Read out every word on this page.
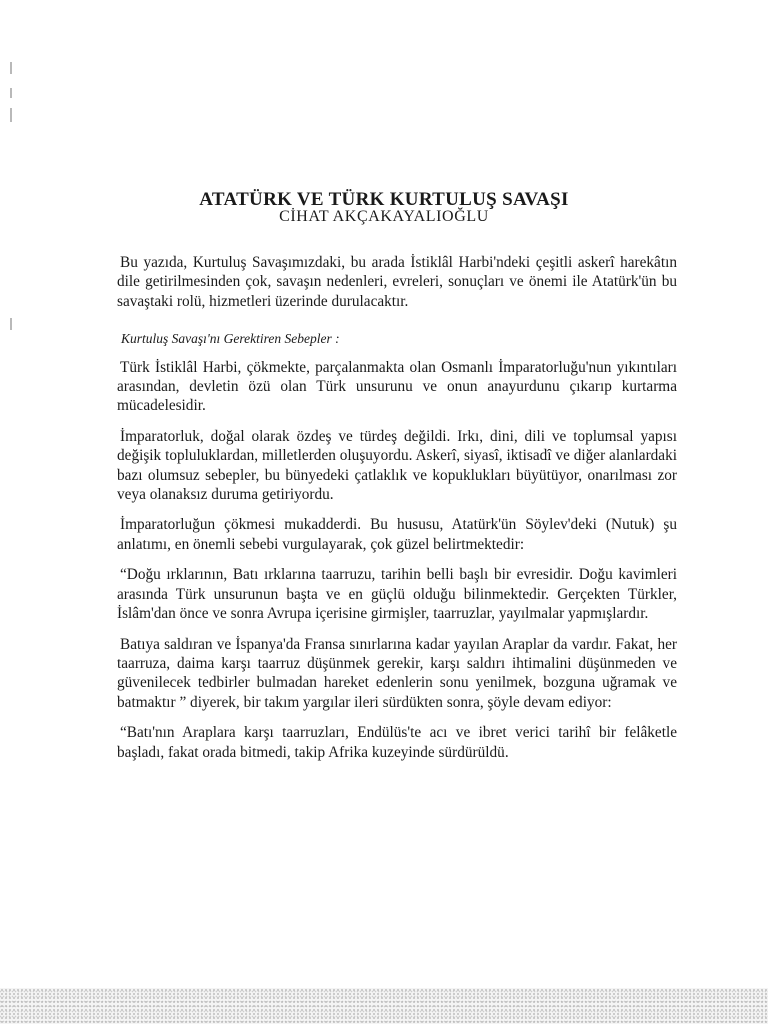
ATATÜRK VE TÜRK KURTULUŞ SAVAŞI
CİHAT AKÇAKAYALIOĞLU

Bu yazıda, Kurtuluş Savaşımızdaki, bu arada İstiklâl Harbi'ndeki çeşitli askerî harekâtın dile getirilmesinden çok, savaşın nedenleri, evreleri, sonuçları ve önemi ile Atatürk'ün bu savaştaki rolü, hizmetleri üzerinde durulacaktır.

Kurtuluş Savaşı'nı Gerektiren Sebepler :

Türk İstiklâl Harbi, çökmekte, parçalanmakta olan Osmanlı İmparatorluğu'nun yıkıntıları arasından, devletin özü olan Türk unsurunu ve onun anayurdunu çıkarıp kurtarma mücadelesidir.

İmparatorluk, doğal olarak özdeş ve türdeş değildi. Irkı, dini, dili ve toplumsal yapısı değişik topluluklardan, milletlerden oluşuyordu. Askerî, siyasî, iktisadî ve diğer alanlardaki bazı olumsuz sebepler, bu bünyedeki çatlaklık ve kopuklukları büyütüyor, onarılması zor veya olanaksız duruma getiriyordu.

İmparatorluğun çökmesi mukadderdi. Bu hususu, Atatürk'ün Söylev'deki (Nutuk) şu anlatımı, en önemli sebebi vurgulayarak, çok güzel belirtmektedir:

“Doğu ırklarının, Batı ırklarına taarruzu, tarihin belli başlı bir evresidir. Doğu kavimleri arasında Türk unsurunun başta ve en güçlü olduğu bilinmektedir. Gerçekten Türkler, İslâm'dan önce ve sonra Avrupa içerisine girmişler, taarruzlar, yayılmalar yapmışlardır.

Batıya saldıran ve İspanya'da Fransa sınırlarına kadar yayılan Araplar da vardır. Fakat, her taarruza, daima karşı taarruz düşünmek gerekir, karşı saldırı ihtimalini düşünmeden ve güvenilecek tedbirler bulmadan hareket edenlerin sonu yenilmek, bozguna uğramak ve batmaktır ” diyerek, bir takım yargılar ileri sürdükten sonra, şöyle devam ediyor:

“Batı'nın Araplara karşı taarruzları, Endülüs'te acı ve ibret verici tarihî bir felâketle başladı, fakat orada bitmedi, takip Afrika kuzeyinde sürdürüldü.
